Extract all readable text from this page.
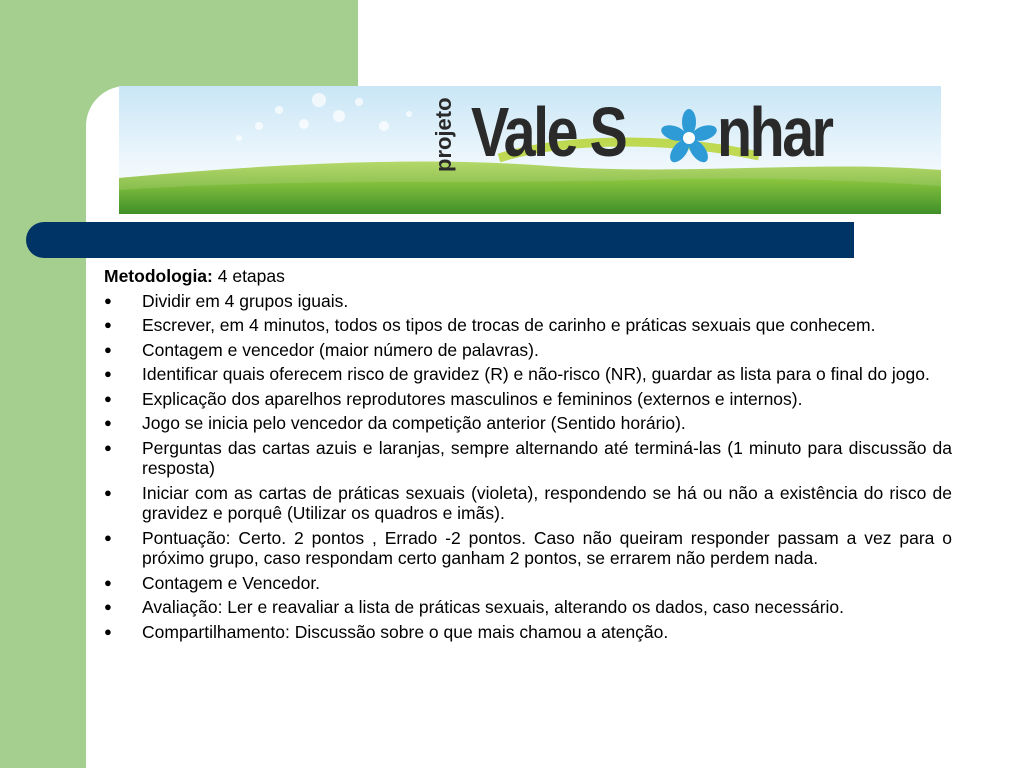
projeto Vale S nhar
Metodologia: 4 etapas
●	Dividir em 4 grupos iguais.
●	Escrever, em 4 minutos, todos os tipos de trocas de carinho e práticas sexuais que conhecem.
●	Contagem e vencedor (maior número de palavras).
●	Identificar quais oferecem risco de gravidez (R) e não-risco (NR), guardar as lista para o final do jogo.
●	Explicação dos aparelhos reprodutores masculinos e femininos (externos e internos).
●	Jogo se inicia pelo vencedor da competição anterior (Sentido horário).
●	Perguntas das cartas azuis e laranjas, sempre alternando até terminá-las (1 minuto para discussão da resposta)
●	Iniciar com as cartas de práticas sexuais (violeta), respondendo se há ou não a existência do risco de gravidez e porquê (Utilizar os quadros e imãs).
●	Pontuação: Certo. 2 pontos , Errado -2 pontos. Caso não queiram responder passam a vez para o próximo grupo, caso respondam certo ganham 2 pontos, se errarem não perdem nada.
●	Contagem e Vencedor.
●	Avaliação: Ler e reavaliar a lista de práticas sexuais, alterando os dados, caso necessário.
●	Compartilhamento: Discussão sobre o que mais chamou a atenção.
